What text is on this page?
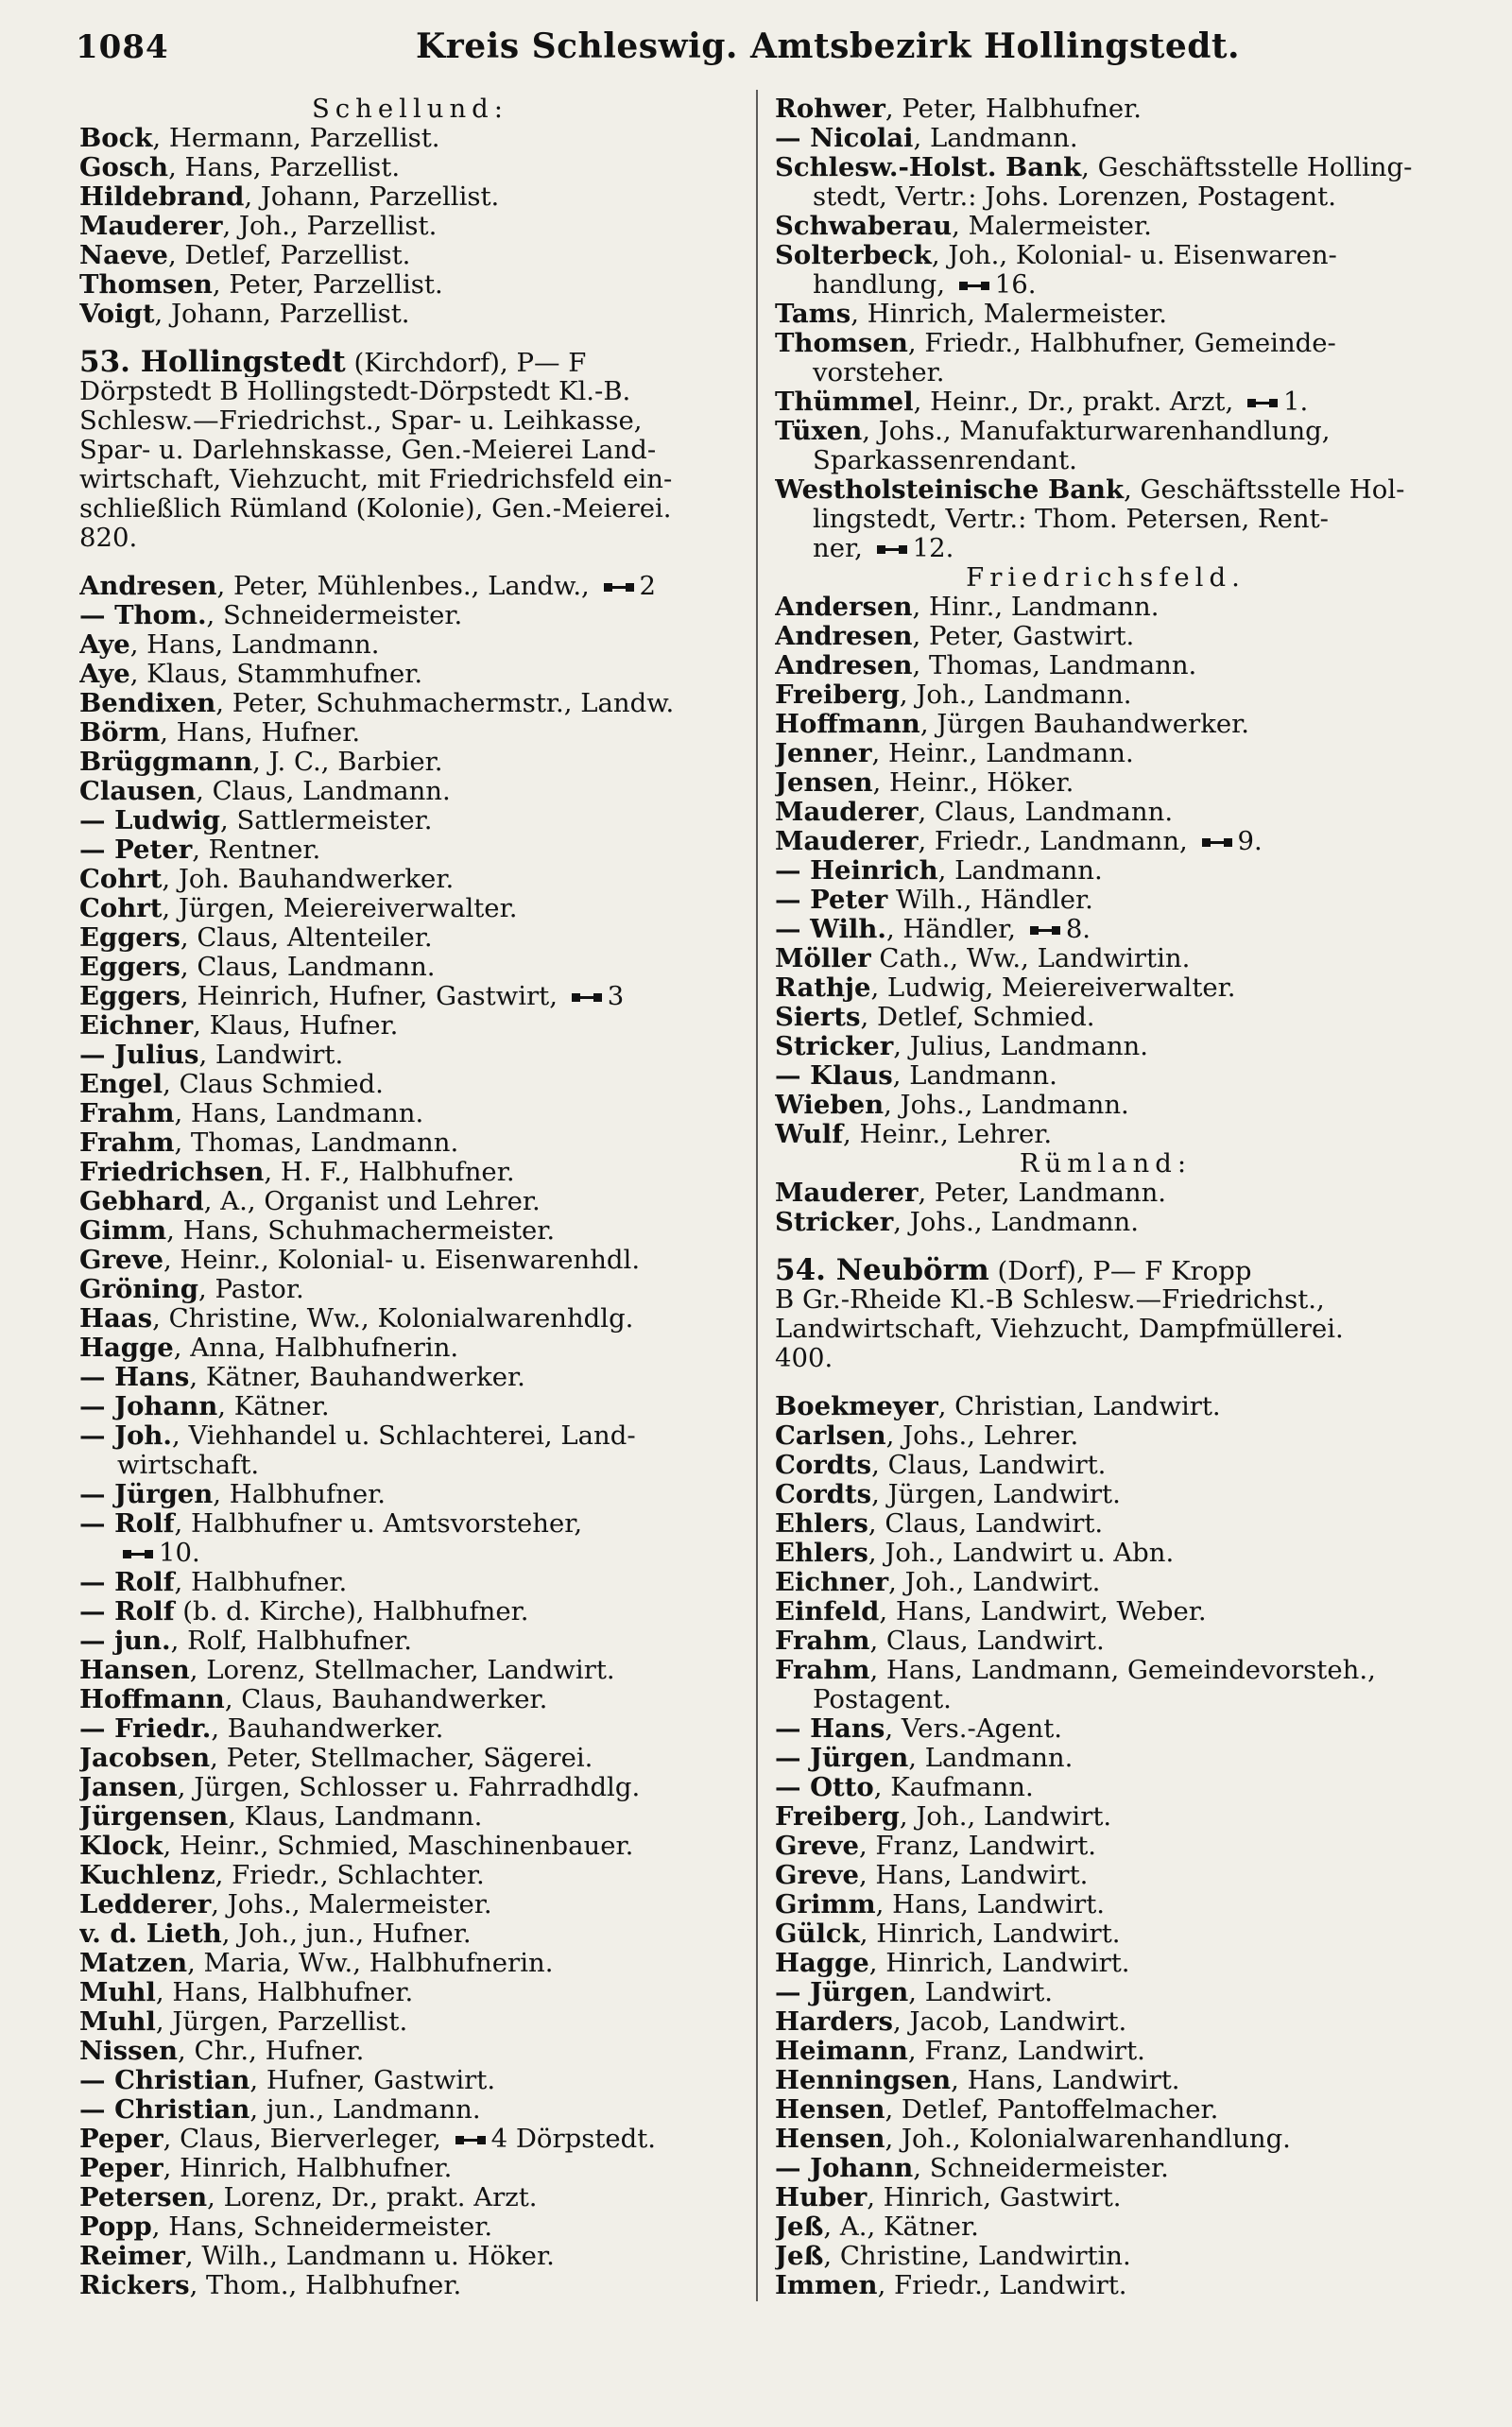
1084	Kreis Schleswig. Amtsbezirk Hollingstedt.
Schellund:
Bock, Hermann, Parzellist.
Gosch, Hans, Parzellist.
Hildebrand, Johann, Parzellist.
Mauderer, Joh., Parzellist.
Naeve, Detlef, Parzellist.
Thomsen, Peter, Parzellist.
Voigt, Johann, Parzellist.
53. Hollingstedt (Kirchdorf), P— F
Dörpstedt B Hollingstedt-Dörpstedt Kl.-B.
Schlesw.—Friedrichst., Spar- u. Leihkasse,
Spar- u. Darlehnskasse, Gen.-Meierei Land-
wirtschaft, Viehzucht, mit Friedrichsfeld ein-
schließlich Rümland (Kolonie), Gen.-Meierei.
820.
Andresen, Peter, Mühlenbes., Landw., 2
— Thom., Schneidermeister.
Aye, Hans, Landmann.
Aye, Klaus, Stammhufner.
Bendixen, Peter, Schuhmachermstr., Landw.
Börm, Hans, Hufner.
Brüggmann, J. C., Barbier.
Clausen, Claus, Landmann.
— Ludwig, Sattlermeister.
— Peter, Rentner.
Cohrt, Joh. Bauhandwerker.
Cohrt, Jürgen, Meiereiverwalter.
Eggers, Claus, Altenteiler.
Eggers, Claus, Landmann.
Eggers, Heinrich, Hufner, Gastwirt, 3
Eichner, Klaus, Hufner.
— Julius, Landwirt.
Engel, Claus Schmied.
Frahm, Hans, Landmann.
Frahm, Thomas, Landmann.
Friedrichsen, H. F., Halbhufner.
Gebhard, A., Organist und Lehrer.
Gimm, Hans, Schuhmachermeister.
Greve, Heinr., Kolonial- u. Eisenwarenhdl.
Gröning, Pastor.
Haas, Christine, Ww., Kolonialwarenhdlg.
Hagge, Anna, Halbhufnerin.
— Hans, Kätner, Bauhandwerker.
— Johann, Kätner.
— Joh., Viehhandel u. Schlachterei, Land-
wirtschaft.
— Jürgen, Halbhufner.
— Rolf, Halbhufner u. Amtsvorsteher,
10.
— Rolf, Halbhufner.
— Rolf (b. d. Kirche), Halbhufner.
— jun., Rolf, Halbhufner.
Hansen, Lorenz, Stellmacher, Landwirt.
Hoffmann, Claus, Bauhandwerker.
— Friedr., Bauhandwerker.
Jacobsen, Peter, Stellmacher, Sägerei.
Jansen, Jürgen, Schlosser u. Fahrradhdlg.
Jürgensen, Klaus, Landmann.
Klock, Heinr., Schmied, Maschinenbauer.
Kuchlenz, Friedr., Schlachter.
Ledderer, Johs., Malermeister.
v. d. Lieth, Joh., jun., Hufner.
Matzen, Maria, Ww., Halbhufnerin.
Muhl, Hans, Halbhufner.
Muhl, Jürgen, Parzellist.
Nissen, Chr., Hufner.
— Christian, Hufner, Gastwirt.
— Christian, jun., Landmann.
Peper, Claus, Bierverleger, 4 Dörpstedt.
Peper, Hinrich, Halbhufner.
Petersen, Lorenz, Dr., prakt. Arzt.
Popp, Hans, Schneidermeister.
Reimer, Wilh., Landmann u. Höker.
Rickers, Thom., Halbhufner.
Rohwer, Peter, Halbhufner.
— Nicolai, Landmann.
Schlesw.-Holst. Bank, Geschäftsstelle Holling-
stedt, Vertr.: Johs. Lorenzen, Postagent.
Schwaberau, Malermeister.
Solterbeck, Joh., Kolonial- u. Eisenwaren-
handlung, 16.
Tams, Hinrich, Malermeister.
Thomsen, Friedr., Halbhufner, Gemeinde-
vorsteher.
Thümmel, Heinr., Dr., prakt. Arzt, 1.
Tüxen, Johs., Manufakturwarenhandlung,
Sparkassenrendant.
Westholsteinische Bank, Geschäftsstelle Hol-
lingstedt, Vertr.: Thom. Petersen, Rent-
ner, 12.
Friedrichsfeld.
Andersen, Hinr., Landmann.
Andresen, Peter, Gastwirt.
Andresen, Thomas, Landmann.
Freiberg, Joh., Landmann.
Hoffmann, Jürgen Bauhandwerker.
Jenner, Heinr., Landmann.
Jensen, Heinr., Höker.
Mauderer, Claus, Landmann.
Mauderer, Friedr., Landmann, 9.
— Heinrich, Landmann.
— Peter Wilh., Händler.
— Wilh., Händler, 8.
Möller Cath., Ww., Landwirtin.
Rathje, Ludwig, Meiereiverwalter.
Sierts, Detlef, Schmied.
Stricker, Julius, Landmann.
— Klaus, Landmann.
Wieben, Johs., Landmann.
Wulf, Heinr., Lehrer.
Rümland:
Mauderer, Peter, Landmann.
Stricker, Johs., Landmann.
54. Neubörm (Dorf), P— F Kropp
B Gr.-Rheide Kl.-B Schlesw.—Friedrichst.,
Landwirtschaft, Viehzucht, Dampfmüllerei.
400.
Boekmeyer, Christian, Landwirt.
Carlsen, Johs., Lehrer.
Cordts, Claus, Landwirt.
Cordts, Jürgen, Landwirt.
Ehlers, Claus, Landwirt.
Ehlers, Joh., Landwirt u. Abn.
Eichner, Joh., Landwirt.
Einfeld, Hans, Landwirt, Weber.
Frahm, Claus, Landwirt.
Frahm, Hans, Landmann, Gemeindevorsteh.,
Postagent.
— Hans, Vers.-Agent.
— Jürgen, Landmann.
— Otto, Kaufmann.
Freiberg, Joh., Landwirt.
Greve, Franz, Landwirt.
Greve, Hans, Landwirt.
Grimm, Hans, Landwirt.
Gülck, Hinrich, Landwirt.
Hagge, Hinrich, Landwirt.
— Jürgen, Landwirt.
Harders, Jacob, Landwirt.
Heimann, Franz, Landwirt.
Henningsen, Hans, Landwirt.
Hensen, Detlef, Pantoffelmacher.
Hensen, Joh., Kolonialwarenhandlung.
— Johann, Schneidermeister.
Huber, Hinrich, Gastwirt.
Jeß, A., Kätner.
Jeß, Christine, Landwirtin.
Immen, Friedr., Landwirt.
